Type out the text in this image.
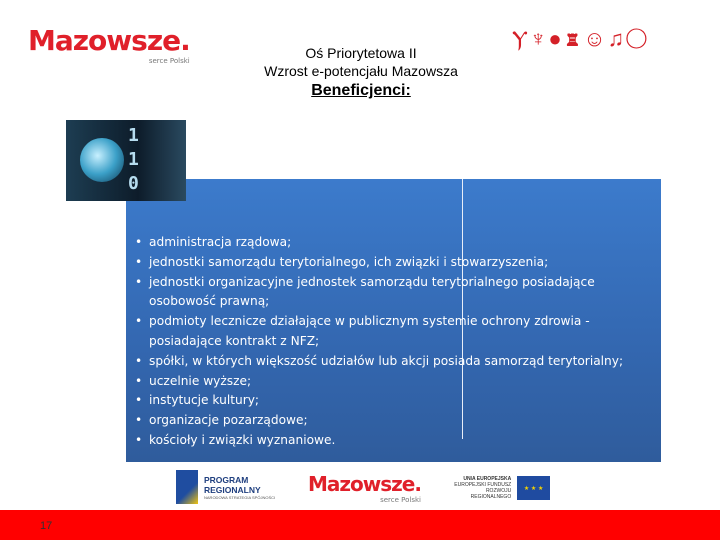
Mazowsze.
serce Polski	Oś Priorytetowa II
Wzrost e-potencjału Mazowsza
Beneficjenci:
Ⲩ♆●♜☺♫◯
1
1
0
• administracja rządowa;
• jednostki samorządu terytorialnego, ich związki i stowarzyszenia;
• jednostki organizacyjne jednostek samorządu terytorialnego posiadające osobowość prawną;
• podmioty lecznicze działające w publicznym systemie ochrony zdrowia - posiadające kontrakt z NFZ;
• spółki, w których większość udziałów lub akcji posiada samorząd terytorialny;
• uczelnie wyższe;
• instytucje kultury;
• organizacje pozarządowe;
• kościoły i związki wyznaniowe.
PROGRAM
REGIONALNY
NARODOWA STRATEGIA SPÓJNOŚCI
Mazowsze.
serce Polski
UNIA EUROPEJSKA
EUROPEJSKI FUNDUSZ
ROZWOJU REGIONALNEGO
★ ★ ★
17
